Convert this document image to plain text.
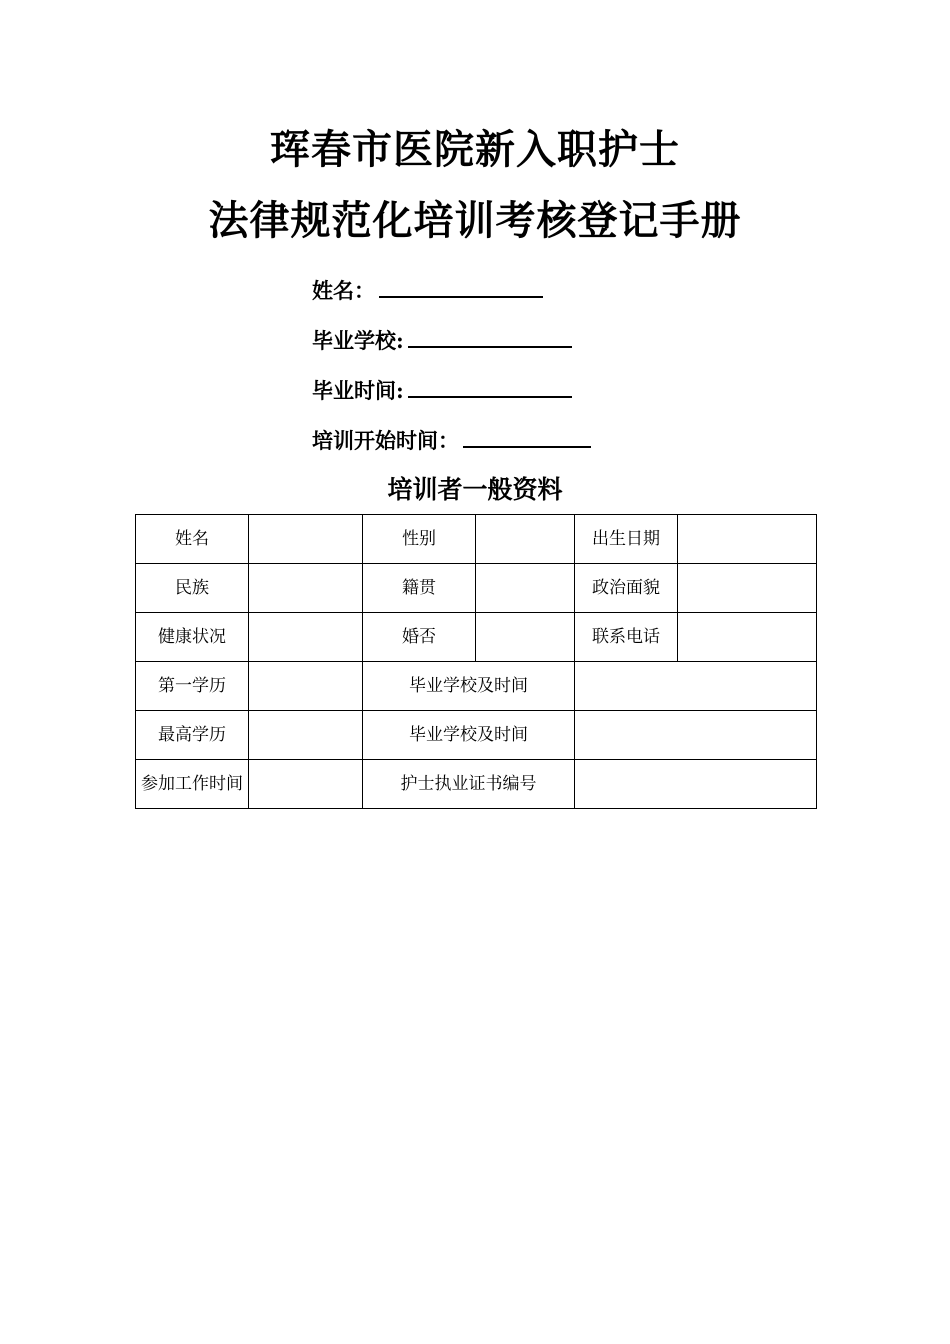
珲春市医院新入职护士
法律规范化培训考核登记手册
姓名：
毕业学校:
毕业时间:
培训开始时间：
培训者一般资料
姓名		性别		出生日期	
民族		籍贯		政治面貌	
健康状况		婚否		联系电话	
第一学历		毕业学校及时间			
最高学历		毕业学校及时间			
参加工作时间		护士执业证书编号			
